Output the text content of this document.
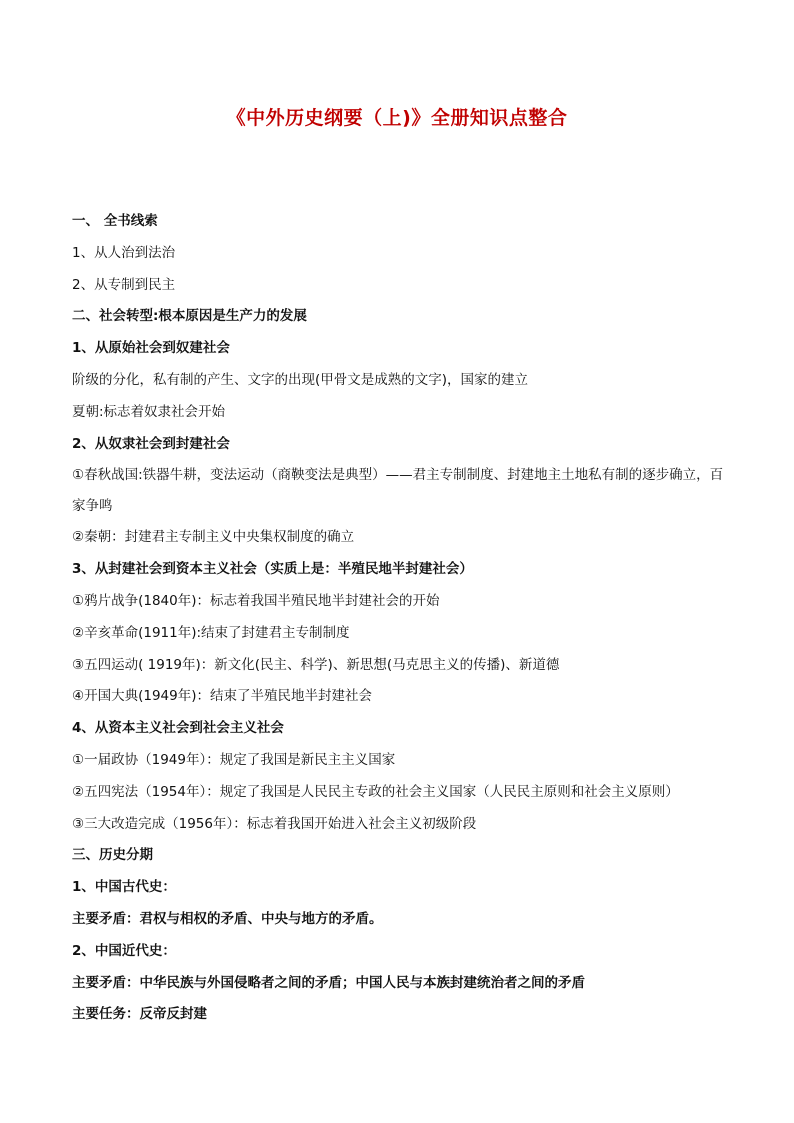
《中外历史纲要（上)》全册知识点整合
一、 全书线索
1、从人治到法治
2、从专制到民主
二、社会转型:根本原因是生产力的发展
1、从原始社会到奴建社会
阶级的分化，私有制的产生、文字的出现(甲骨文是成熟的文字)，国家的建立
夏朝:标志着奴隶社会开始
2、从奴隶社会到封建社会
①春秋战国:铁器牛耕，变法运动（商鞅变法是典型）——君主专制制度、封建地主土地私有制的逐步确立，百家争鸣
②秦朝：封建君主专制主义中央集权制度的确立
3、从封建社会到资本主义社会（实质上是：半殖民地半封建社会）
①鸦片战争(1840年)：标志着我国半殖民地半封建社会的开始
②辛亥革命(1911年):结束了封建君主专制制度
③五四运动( 1919年)：新文化(民主、科学)、新思想(马克思主义的传播)、新道德
④开国大典(1949年)：结束了半殖民地半封建社会
4、从资本主义社会到社会主义社会
①一届政协（1949年）：规定了我国是新民主主义国家
②五四宪法（1954年）：规定了我国是人民民主专政的社会主义国家（人民民主原则和社会主义原则）
③三大改造完成（1956年）：标志着我国开始进入社会主义初级阶段
三、历史分期
1、中国古代史：
主要矛盾：君权与相权的矛盾、中央与地方的矛盾。
2、中国近代史：
主要矛盾：中华民族与外国侵略者之间的矛盾；中国人民与本族封建统治者之间的矛盾
主要任务：反帝反封建
